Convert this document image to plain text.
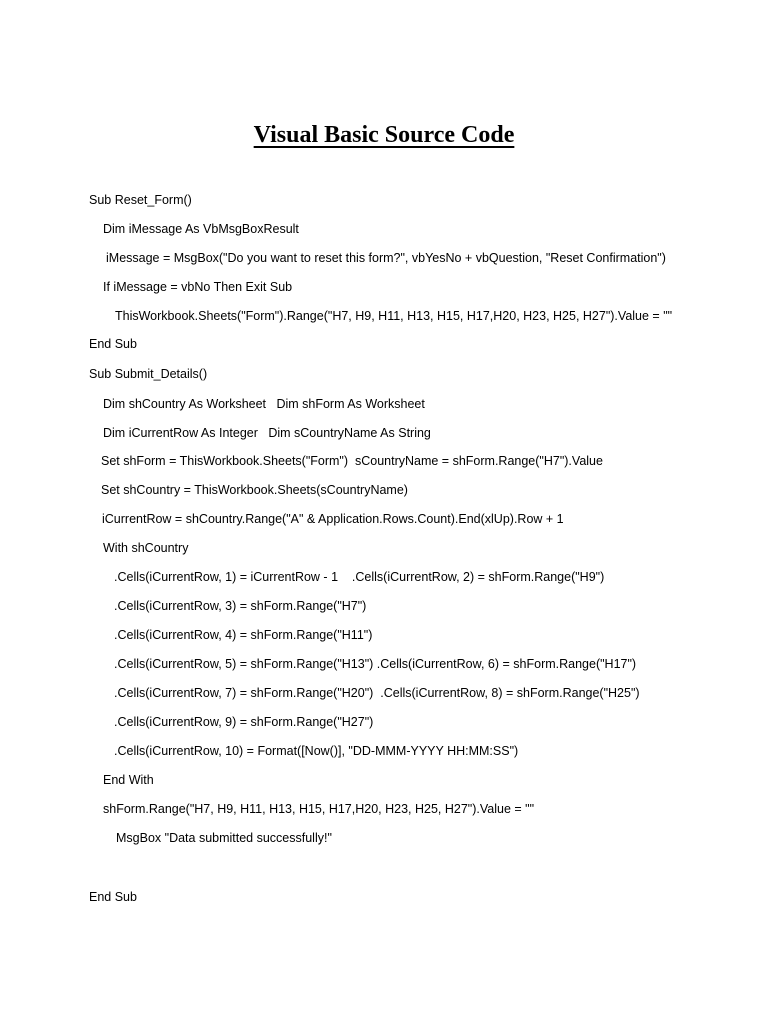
Visual Basic Source Code

Sub Reset_Form()

Dim iMessage As VbMsgBoxResult

iMessage = MsgBox("Do you want to reset this form?", vbYesNo + vbQuestion, "Reset Confirmation")

If iMessage = vbNo Then Exit Sub

ThisWorkbook.Sheets("Form").Range("H7, H9, H11, H13, H15, H17,H20, H23, H25, H27").Value = ""

End Sub

Sub Submit_Details()

Dim shCountry As Worksheet   Dim shForm As Worksheet

Dim iCurrentRow As Integer   Dim sCountryName As String

Set shForm = ThisWorkbook.Sheets("Form")  sCountryName = shForm.Range("H7").Value

Set shCountry = ThisWorkbook.Sheets(sCountryName)

iCurrentRow = shCountry.Range("A" & Application.Rows.Count).End(xlUp).Row + 1

With shCountry

.Cells(iCurrentRow, 1) = iCurrentRow - 1    .Cells(iCurrentRow, 2) = shForm.Range("H9")

.Cells(iCurrentRow, 3) = shForm.Range("H7")

.Cells(iCurrentRow, 4) = shForm.Range("H11")

.Cells(iCurrentRow, 5) = shForm.Range("H13") .Cells(iCurrentRow, 6) = shForm.Range("H17")

.Cells(iCurrentRow, 7) = shForm.Range("H20")  .Cells(iCurrentRow, 8) = shForm.Range("H25")

.Cells(iCurrentRow, 9) = shForm.Range("H27")

.Cells(iCurrentRow, 10) = Format([Now()], "DD-MMM-YYYY HH:MM:SS")

End With

shForm.Range("H7, H9, H11, H13, H15, H17,H20, H23, H25, H27").Value = ""

MsgBox "Data submitted successfully!"

End Sub
